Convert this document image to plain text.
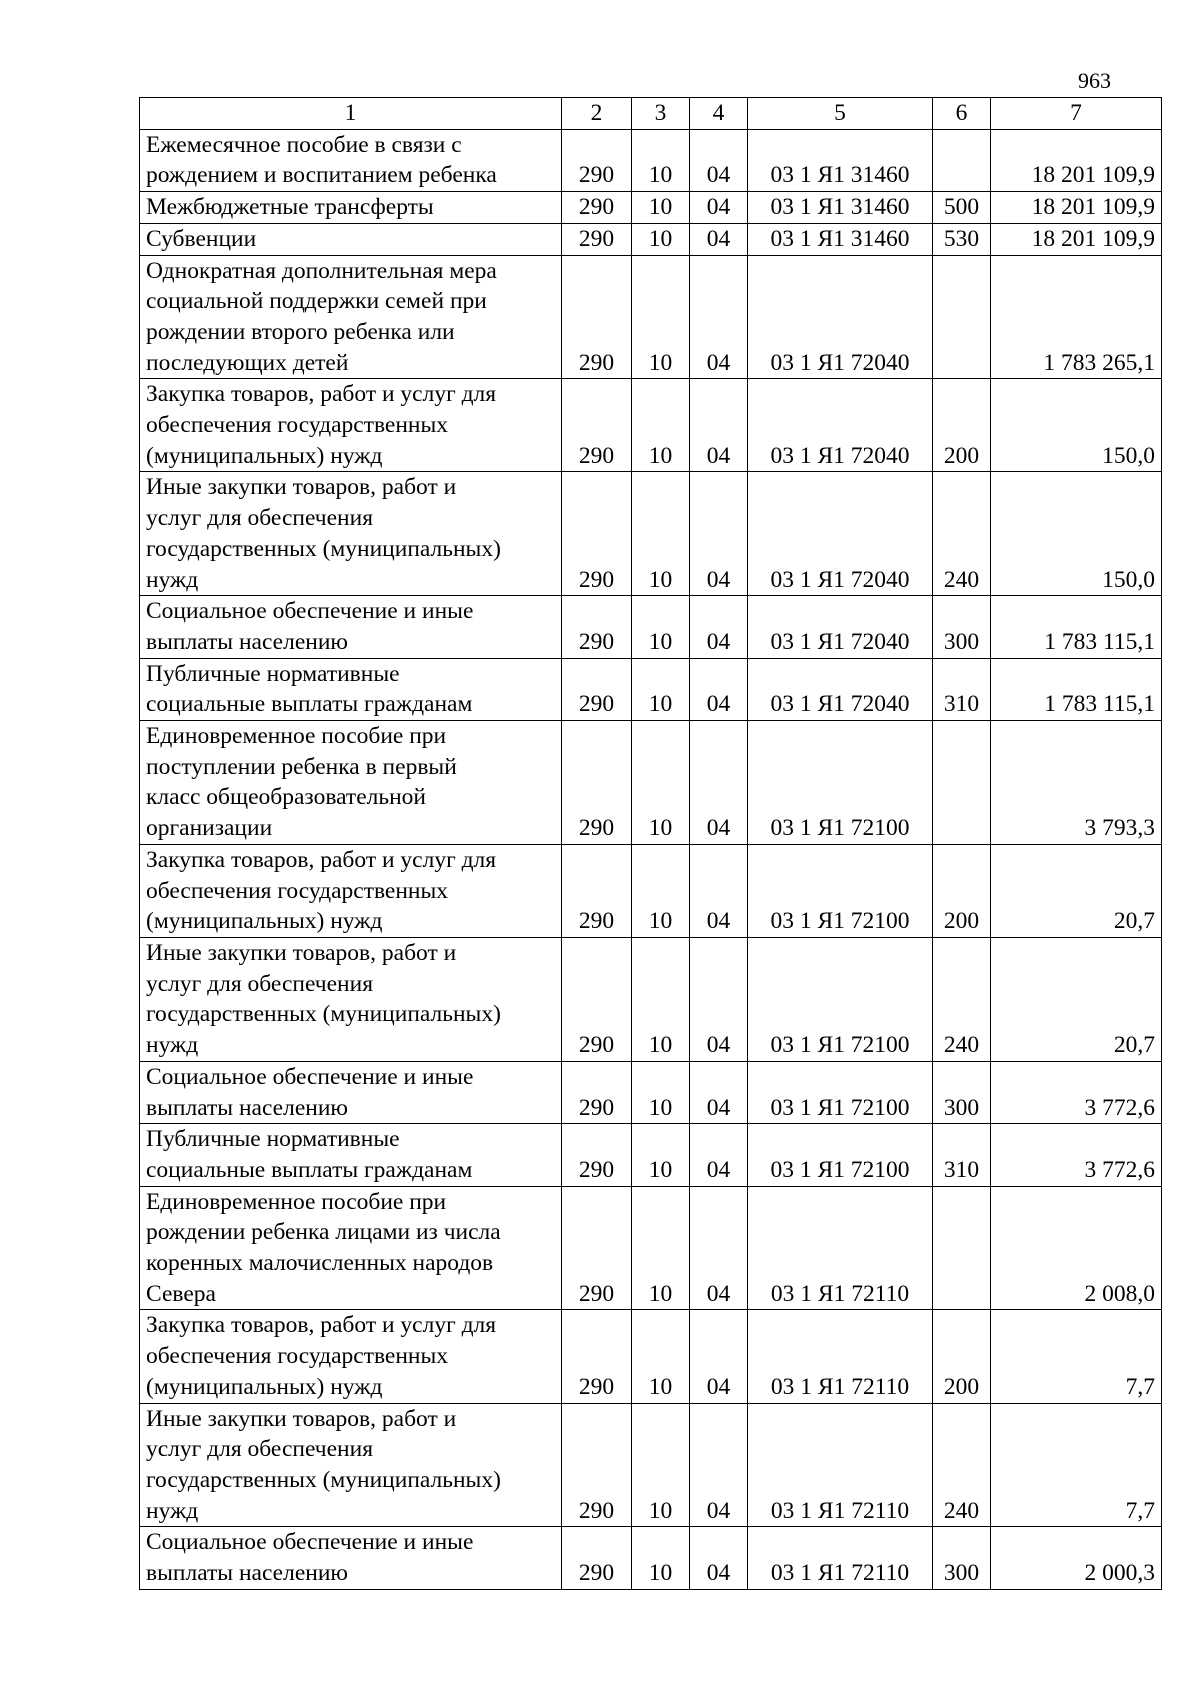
963
1	2	3	4	5	6	7
Ежемесячное пособие в связи с
рождением и воспитанием ребенка	290	10	04	03 1 Я1 31460		18 201 109,9
Межбюджетные трансферты	290	10	04	03 1 Я1 31460	500	18 201 109,9
Субвенции	290	10	04	03 1 Я1 31460	530	18 201 109,9
Однократная дополнительная мера
социальной поддержки семей при
рождении второго ребенка или
последующих детей	290	10	04	03 1 Я1 72040		1 783 265,1
Закупка товаров, работ и услуг для
обеспечения государственных
(муниципальных) нужд	290	10	04	03 1 Я1 72040	200	150,0
Иные закупки товаров, работ и
услуг для обеспечения
государственных (муниципальных)
нужд	290	10	04	03 1 Я1 72040	240	150,0
Социальное обеспечение и иные
выплаты населению	290	10	04	03 1 Я1 72040	300	1 783 115,1
Публичные нормативные
социальные выплаты гражданам	290	10	04	03 1 Я1 72040	310	1 783 115,1
Единовременное пособие при
поступлении ребенка в первый
класс общеобразовательной
организации	290	10	04	03 1 Я1 72100		3 793,3
Закупка товаров, работ и услуг для
обеспечения государственных
(муниципальных) нужд	290	10	04	03 1 Я1 72100	200	20,7
Иные закупки товаров, работ и
услуг для обеспечения
государственных (муниципальных)
нужд	290	10	04	03 1 Я1 72100	240	20,7
Социальное обеспечение и иные
выплаты населению	290	10	04	03 1 Я1 72100	300	3 772,6
Публичные нормативные
социальные выплаты гражданам	290	10	04	03 1 Я1 72100	310	3 772,6
Единовременное пособие при
рождении ребенка лицами из числа
коренных малочисленных народов
Севера	290	10	04	03 1 Я1 72110		2 008,0
Закупка товаров, работ и услуг для
обеспечения государственных
(муниципальных) нужд	290	10	04	03 1 Я1 72110	200	7,7
Иные закупки товаров, работ и
услуг для обеспечения
государственных (муниципальных)
нужд	290	10	04	03 1 Я1 72110	240	7,7
Социальное обеспечение и иные
выплаты населению	290	10	04	03 1 Я1 72110	300	2 000,3
